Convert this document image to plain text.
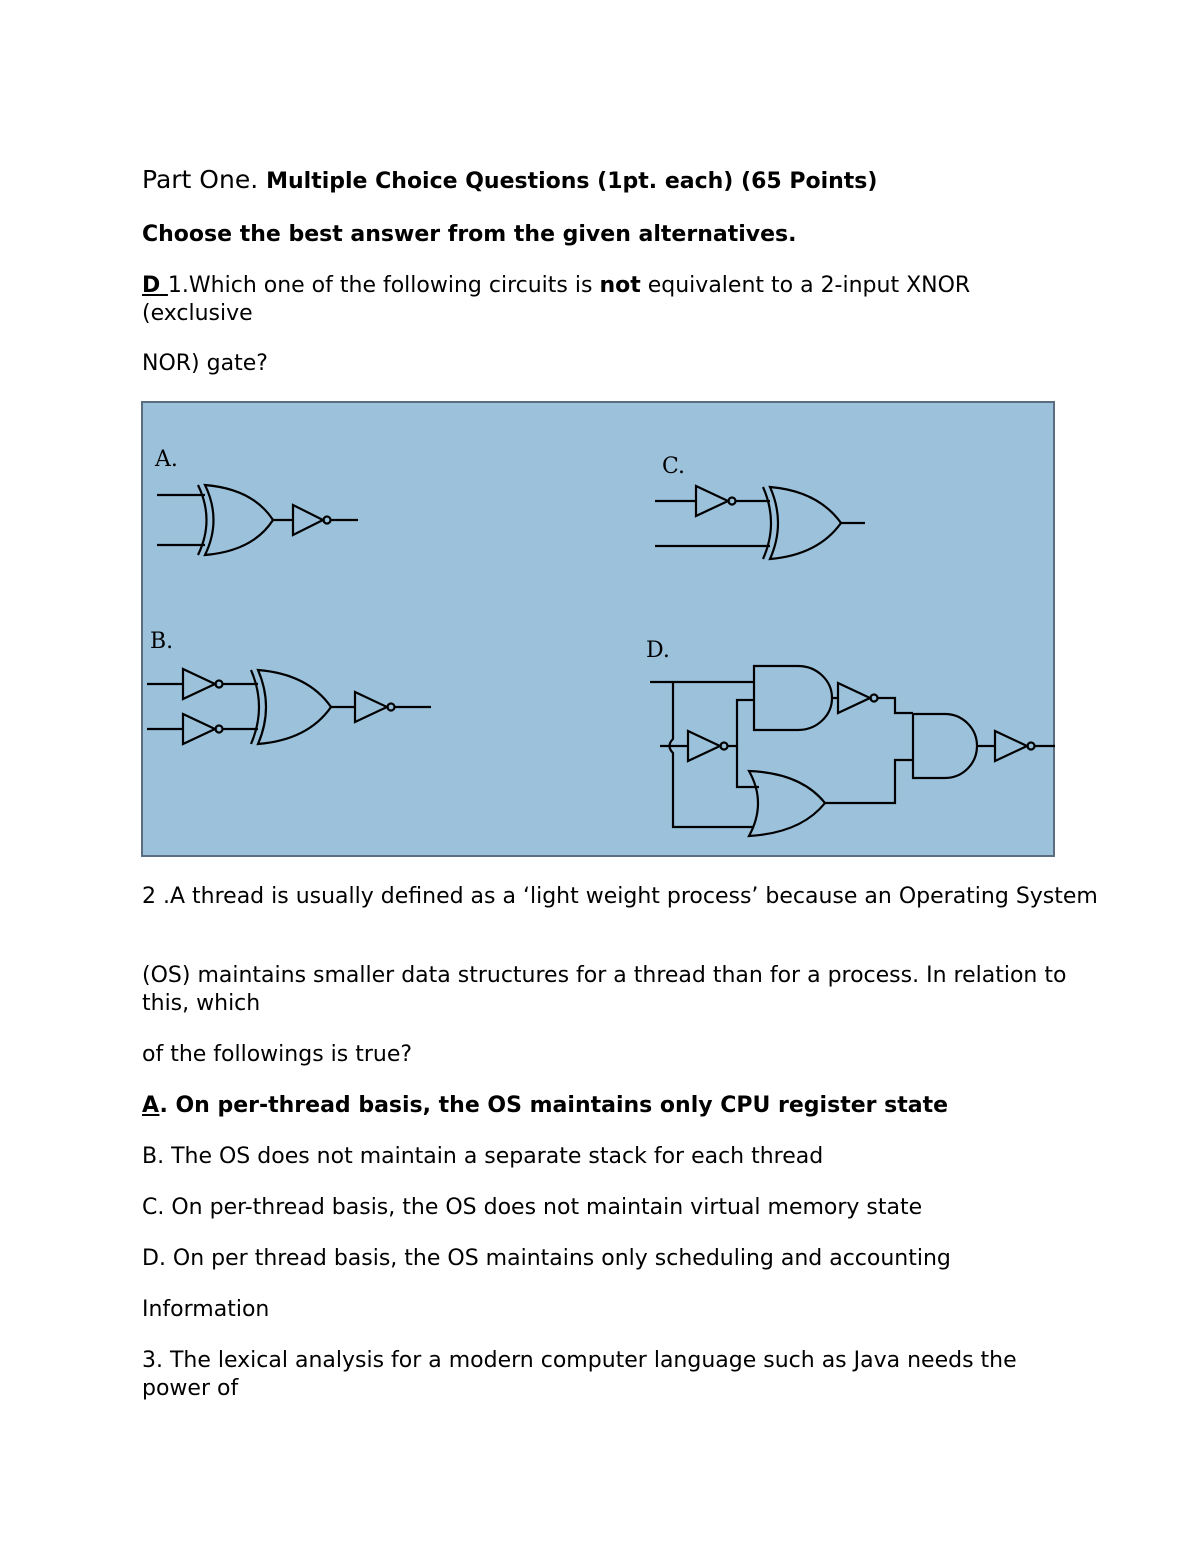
Part One. Multiple Choice Questions (1pt. each) (65 Points)

Choose the best answer from the given alternatives.

D 1.Which one of the following circuits is not equivalent to a 2-input XNOR (exclusive

NOR) gate?

A.	C.
B.	D.

2 .A thread is usually defined as a ‘light weight process’ because an Operating System

(OS) maintains smaller data structures for a thread than for a process. In relation to this, which

of the followings is true?

A. On per-thread basis, the OS maintains only CPU register state

B. The OS does not maintain a separate stack for each thread

C. On per-thread basis, the OS does not maintain virtual memory state

D. On per thread basis, the OS maintains only scheduling and accounting

Information

3. The lexical analysis for a modern computer language such as Java needs the power of
